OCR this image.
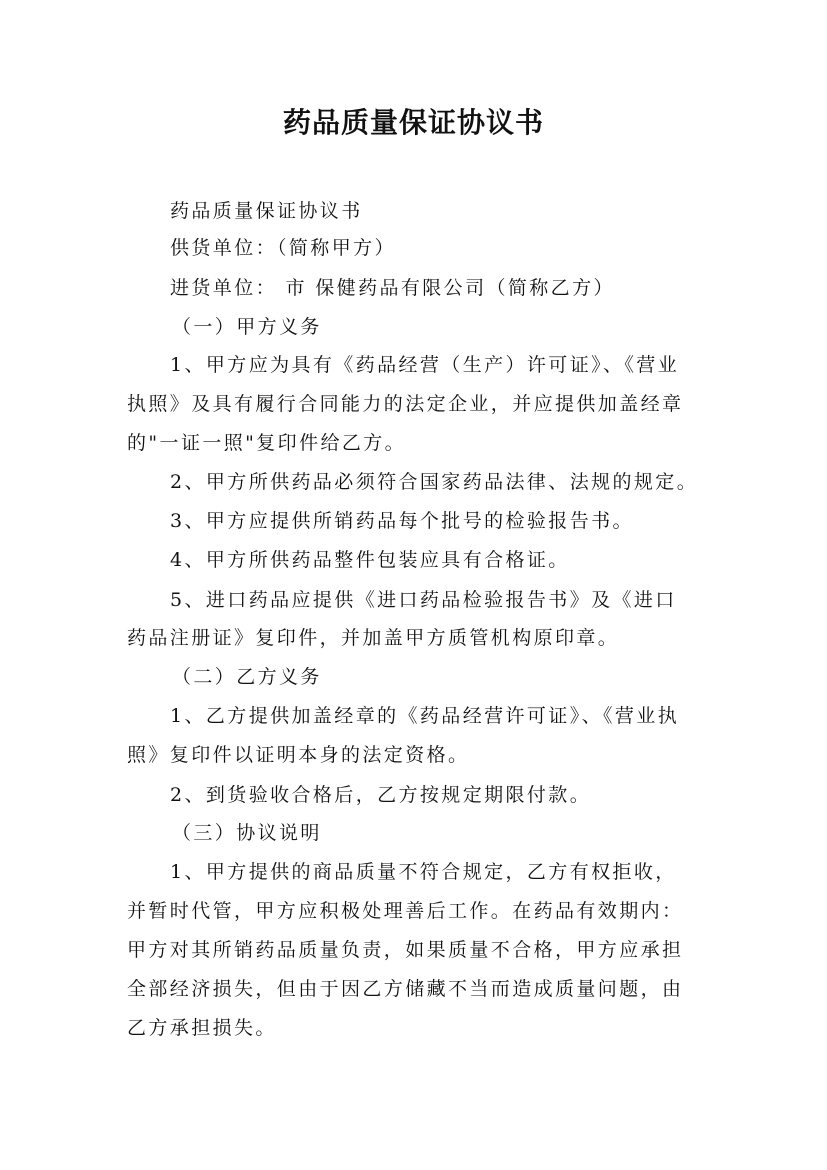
药品质量保证协议书
药品质量保证协议书
供货单位：（简称甲方）
进货单位： 市 保健药品有限公司（简称乙方）
（一）甲方义务
1、甲方应为具有《药品经营（生产）许可证》、《营业
执照》及具有履行合同能力的法定企业，并应提供加盖经章
的"一证一照"复印件给乙方。
2、甲方所供药品必须符合国家药品法律、法规的规定。
3、甲方应提供所销药品每个批号的检验报告书。
4、甲方所供药品整件包装应具有合格证。
5、进口药品应提供《进口药品检验报告书》及《进口
药品注册证》复印件，并加盖甲方质管机构原印章。
（二）乙方义务
1、乙方提供加盖经章的《药品经营许可证》、《营业执
照》复印件以证明本身的法定资格。
2、到货验收合格后，乙方按规定期限付款。
（三）协议说明
1、甲方提供的商品质量不符合规定，乙方有权拒收，
并暂时代管，甲方应积极处理善后工作。在药品有效期内：
甲方对其所销药品质量负责，如果质量不合格，甲方应承担
全部经济损失，但由于因乙方储藏不当而造成质量问题，由
乙方承担损失。
